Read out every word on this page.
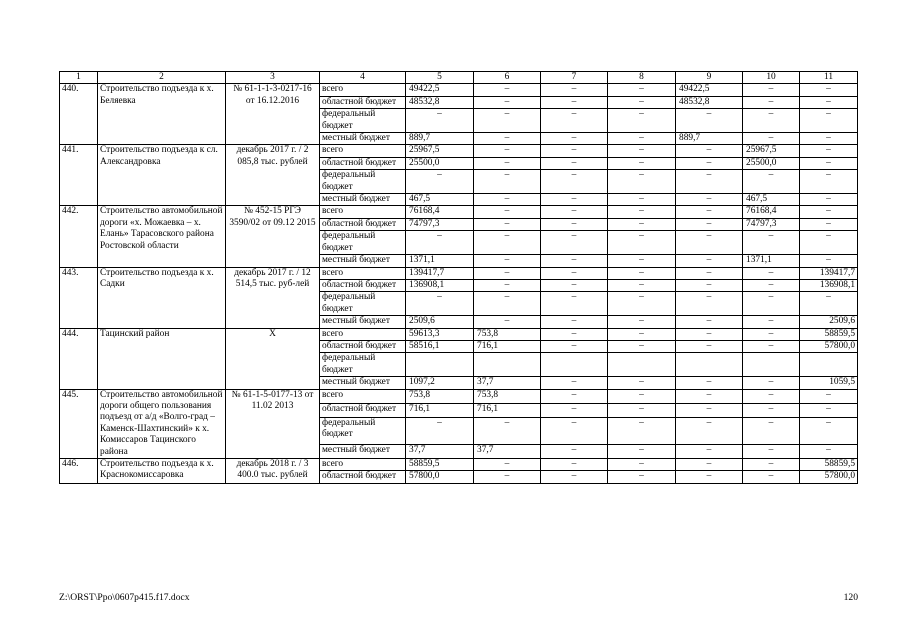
1	2	3	4	5	6	7	8	9	10	11
440.	Строительство подъезда к х. Беляевка	№ 61-1-1-3-0217-16 от 16.12.2016	всего	49422,5	–	–	–	49422,5	–	–
			областной бюджет	48532,8	–	–	–	48532,8	–	–
			федеральный бюджет	–	–	–	–	–	–	–
			местный бюджет	889,7	–	–	–	889,7	–	–
441.	Строительство подъезда к сл. Александровка	декабрь 2017 г. / 2 085,8 тыс. рублей	всего	25967,5	–	–	–	–	25967,5	–
			областной бюджет	25500,0	–	–	–	–	25500,0	–
			федеральный бюджет	–	–	–	–	–	–	–
			местный бюджет	467,5	–	–	–	–	467,5	–
442.	Строительство автомобильной дороги «х. Можаевка – х. Елань» Тарасовского района Ростовской области	№ 452-15 РГЭ 3590/02 от 09.12 2015	всего	76168,4	–	–	–	–	76168,4	–
			областной бюджет	74797,3	–	–	–	–	74797,3	–
			федеральный бюджет	–	–	–	–	–	–	–
			местный бюджет	1371,1	–	–	–	–	1371,1	–
443.	Строительство подъезда к х. Садки	декабрь 2017 г. / 12 514,5 тыс. руб-лей	всего	139417,7	–	–	–	–	–	139417,7
			областной бюджет	136908,1	–	–	–	–	–	136908,1
			федеральный бюджет	–	–	–	–	–	–	–
			местный бюджет	2509,6	–	–	–	–	–	2509,6
444.	Тацинский район	X	всего	59613,3	753,8	–	–	–	–	58859,5
			областной бюджет	58516,1	716,1	–	–	–	–	57800,0
			федеральный бюджет							
			местный бюджет	1097,2	37,7	–	–	–	–	1059,5
445.	Строительство автомобильной дороги общего пользования подъезд от а/д «Волго-град – Каменск-Шахтинский» к х. Комиссаров Тацинского района	№ 61-1-5-0177-13 от 11.02 2013	всего	753,8	753,8	–	–	–	–	–
			областной бюджет	716,1	716,1	–	–	–	–	–
			федеральный бюджет	–	–	–	–	–	–	–
			местный бюджет	37,7	37,7	–	–	–	–	–
446.	Строительство подъезда к х. Краснокомиссаровка	декабрь 2018 г. / 3 400.0 тыс. рублей	всего	58859,5	–	–	–	–	–	58859,5
			областной бюджет	57800,0	–	–	–	–	–	57800,0
Z:\ORST\Ppo\0607p415.f17.docx	120
